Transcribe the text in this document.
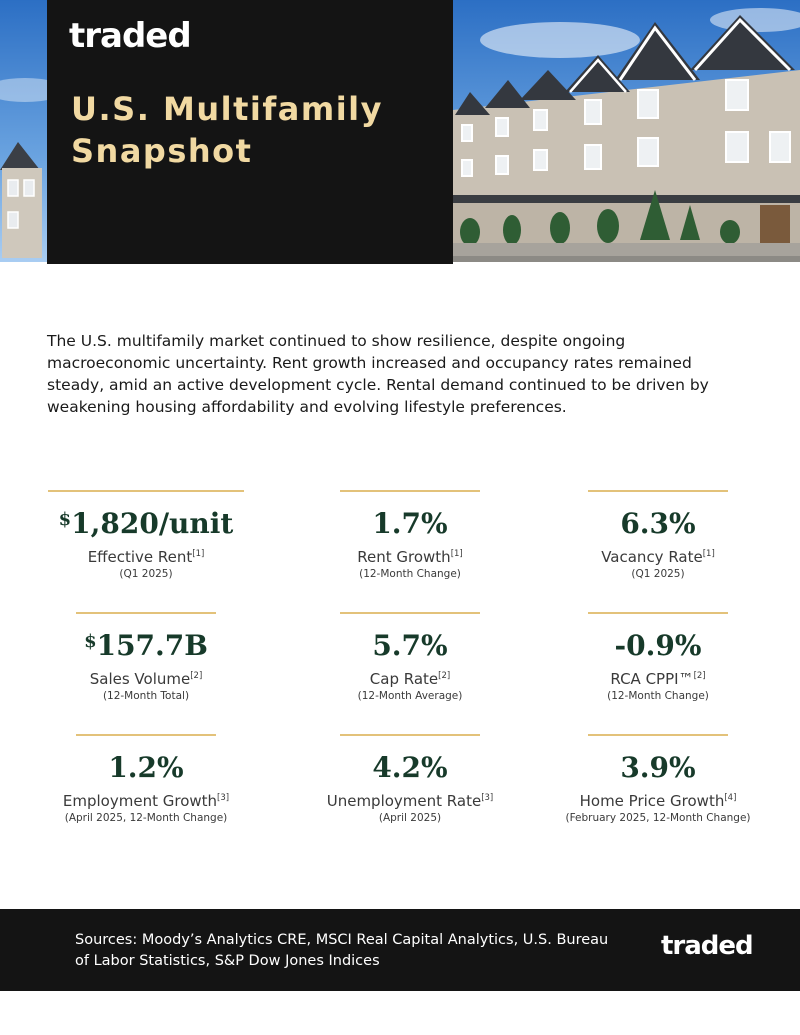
traded
U.S. Multifamily Snapshot

The U.S. multifamily market continued to show resilience, despite ongoing macroeconomic uncertainty. Rent growth increased and occupancy rates remained steady, amid an active development cycle. Rental demand continued to be driven by weakening housing affordability and evolving lifestyle preferences.

$1,820/unit
Effective Rent[1]
(Q1 2025)
1.7%
Rent Growth[1]
(12-Month Change)
6.3%
Vacancy Rate[1]
(Q1 2025)
$157.7B
Sales Volume[2]
(12-Month Total)
5.7%
Cap Rate[2]
(12-Month Average)
-0.9%
RCA CPPI™[2]
(12-Month Change)
1.2%
Employment Growth[3]
(April 2025, 12-Month Change)
4.2%
Unemployment Rate[3]
(April 2025)
3.9%
Home Price Growth[4]
(February 2025, 12-Month Change)

Sources: Moody’s Analytics CRE, MSCI Real Capital Analytics, U.S. Bureau of Labor Statistics, S&P Dow Jones Indices	traded
